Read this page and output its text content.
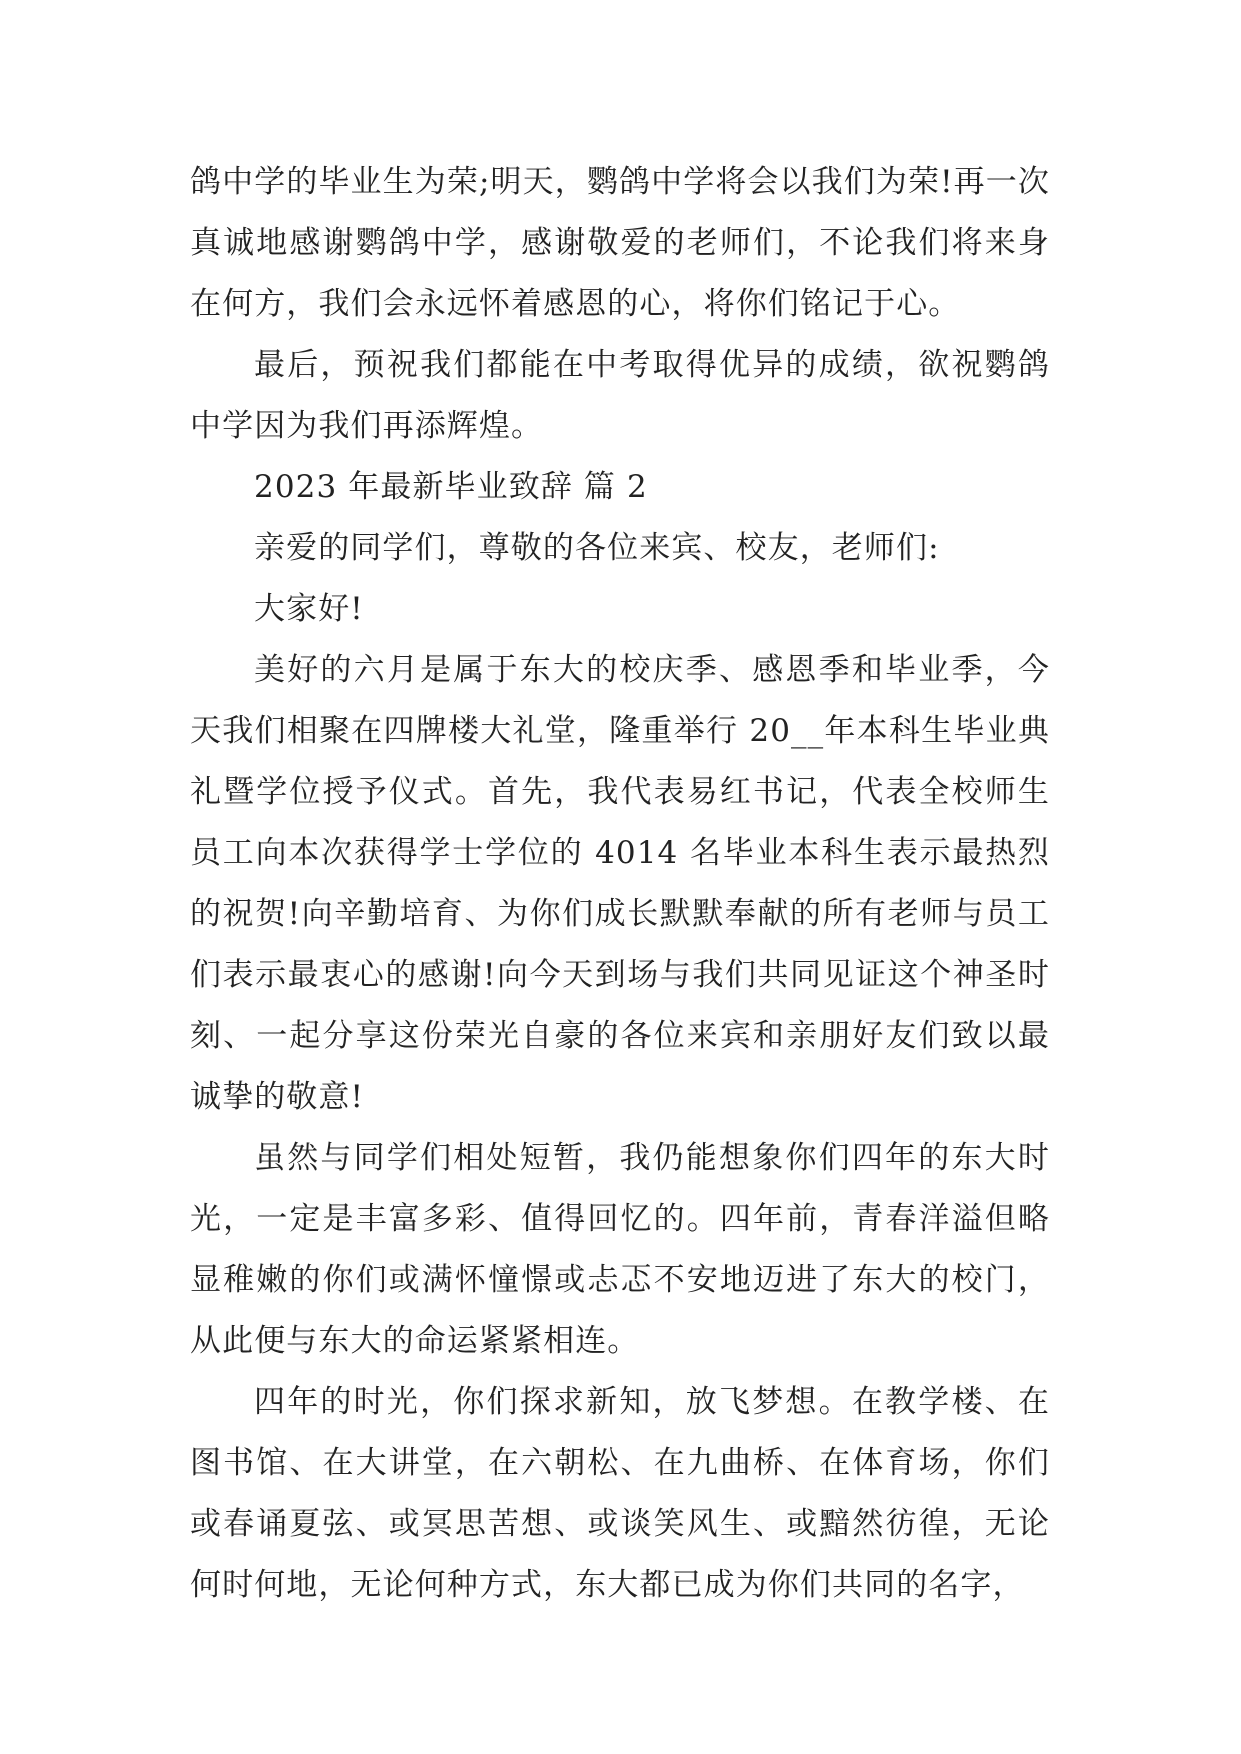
鸽中学的毕业生为荣;明天，鹦鸽中学将会以我们为荣!再一次真诚地感谢鹦鸽中学，感谢敬爱的老师们，不论我们将来身在何方，我们会永远怀着感恩的心，将你们铭记于心。

最后，预祝我们都能在中考取得优异的成绩，欲祝鹦鸽中学因为我们再添辉煌。

2023 年最新毕业致辞 篇 2

亲爱的同学们，尊敬的各位来宾、校友，老师们:

大家好!

美好的六月是属于东大的校庆季、感恩季和毕业季，今天我们相聚在四牌楼大礼堂，隆重举行 20__年本科生毕业典礼暨学位授予仪式。首先，我代表易红书记，代表全校师生员工向本次获得学士学位的 4014 名毕业本科生表示最热烈的祝贺!向辛勤培育、为你们成长默默奉献的所有老师与员工们表示最衷心的感谢!向今天到场与我们共同见证这个神圣时刻、一起分享这份荣光自豪的各位来宾和亲朋好友们致以最诚挚的敬意!

虽然与同学们相处短暂，我仍能想象你们四年的东大时光，一定是丰富多彩、值得回忆的。四年前，青春洋溢但略显稚嫩的你们或满怀憧憬或忐忑不安地迈进了东大的校门，从此便与东大的命运紧紧相连。

四年的时光，你们探求新知，放飞梦想。在教学楼、在图书馆、在大讲堂，在六朝松、在九曲桥、在体育场，你们或春诵夏弦、或冥思苦想、或谈笑风生、或黯然彷徨，无论何时何地，无论何种方式，东大都已成为你们共同的名字，
